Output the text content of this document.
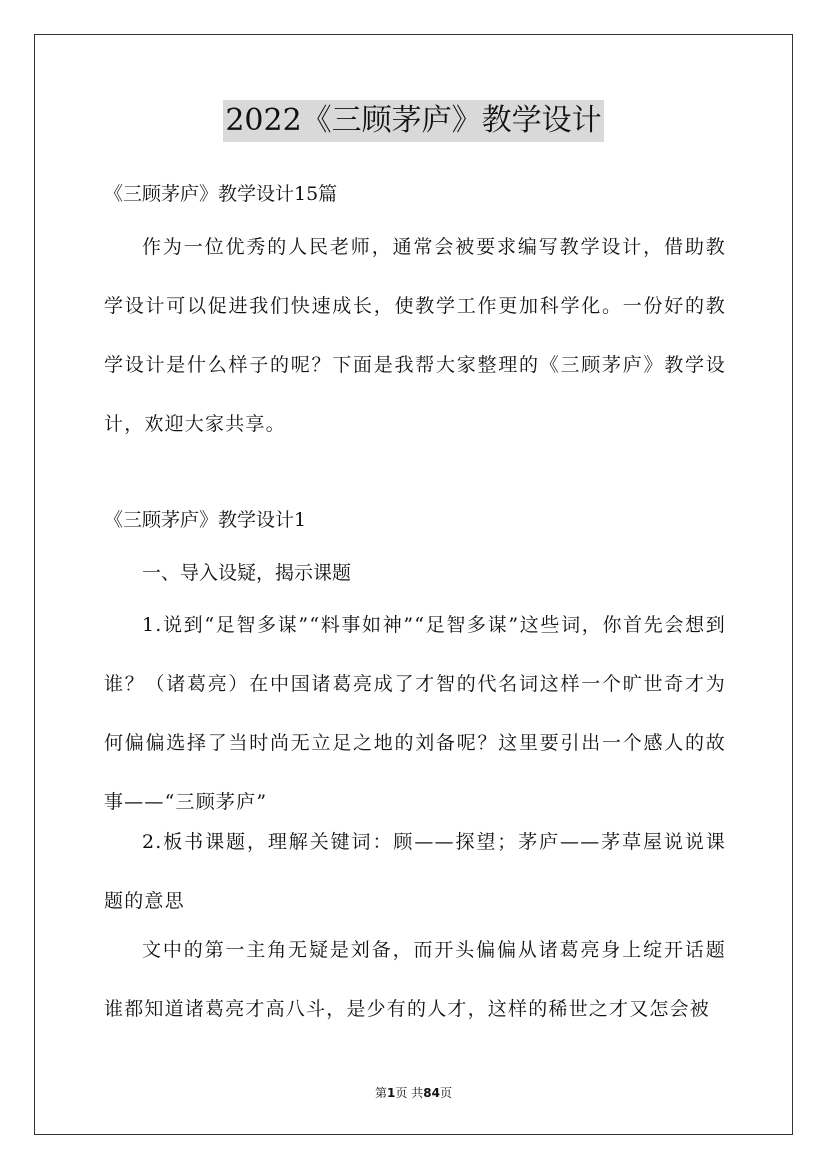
2022《三顾茅庐》教学设计
《三顾茅庐》教学设计15篇
作为一位优秀的人民老师，通常会被要求编写教学设计，借助教学设计可以促进我们快速成长，使教学工作更加科学化。一份好的教学设计是什么样子的呢？下面是我帮大家整理的《三顾茅庐》教学设计，欢迎大家共享。
《三顾茅庐》教学设计1
一、导入设疑，揭示课题
1.说到“足智多谋”“料事如神”“足智多谋”这些词，你首先会想到谁？（诸葛亮）在中国诸葛亮成了才智的代名词这样一个旷世奇才为何偏偏选择了当时尚无立足之地的刘备呢？这里要引出一个感人的故事——“三顾茅庐”
2.板书课题，理解关键词：顾——探望；茅庐——茅草屋说说课题的意思
文中的第一主角无疑是刘备，而开头偏偏从诸葛亮身上绽开话题谁都知道诸葛亮才高八斗，是少有的人才，这样的稀世之才又怎会被
第1页 共84页
